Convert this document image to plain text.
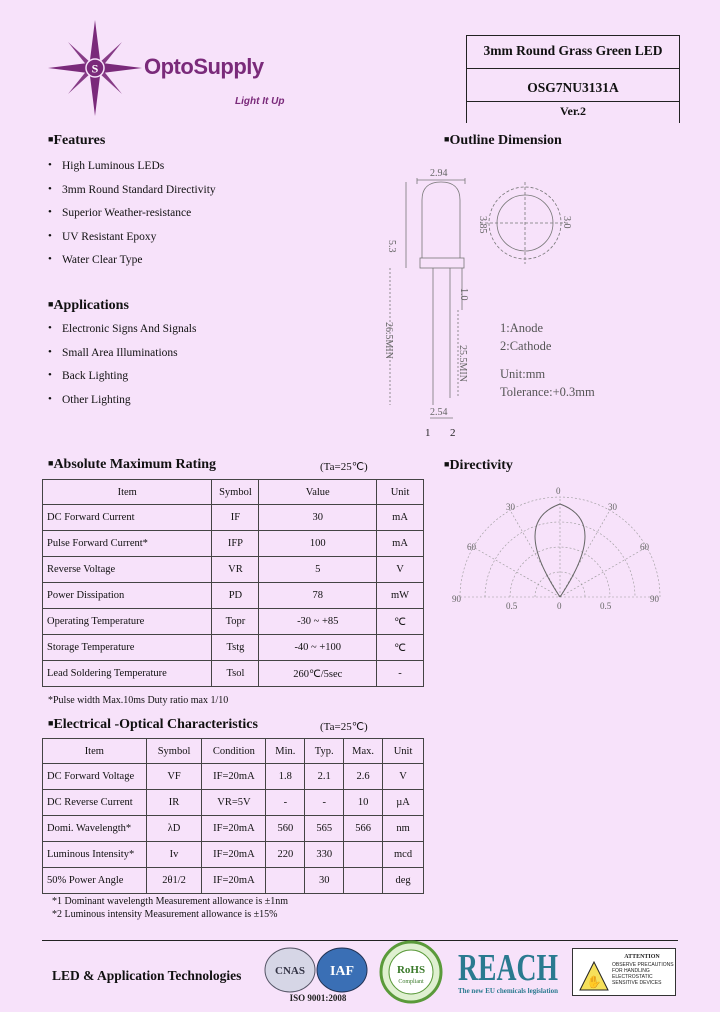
S OptoSupply
Light It Up
3mm Round Grass Green LED
OSG7NU3131A
Ver.2
■Features
• High Luminous LEDs
• 3mm Round Standard Directivity
• Superior Weather-resistance
• UV Resistant Epoxy
• Water Clear Type
■Applications
• Electronic Signs And Signals
• Small Area Illuminations
• Back Lighting
• Other Lighting
■Outline Dimension
2.94
5.3
3.85	3.0
1.0
26.5MIN
25.5MIN
2.54
1 2
1:Anode
2:Cathode
Unit:mm
Tolerance:+0.3mm
■Absolute Maximum Rating	(Ta=25℃)
Item	Symbol	Value	Unit
DC Forward Current	IF	30	mA
Pulse Forward Current*	IFP	100	mA
Reverse Voltage	VR	5	V
Power Dissipation	PD	78	mW
Operating Temperature	Topr	-30 ~ +85	℃
Storage Temperature	Tstg	-40 ~ +100	℃
Lead Soldering Temperature	Tsol	260℃/5sec	-
*Pulse width Max.10ms Duty ratio max 1/10
■Directivity
0
30	30
60	60
90	90
0.5	0	0.5
■Electrical -Optical Characteristics	(Ta=25℃)
Item	Symbol	Condition	Min.	Typ.	Max.	Unit
DC Forward Voltage	VF	IF=20mA	1.8	2.1	2.6	V
DC Reverse Current	IR	VR=5V	-	-	10	µA
Domi. Wavelength*	λD	IF=20mA	560	565	566	nm
Luminous Intensity*	Iv	IF=20mA	220	330		mcd
50% Power Angle	2θ1/2	IF=20mA		30		deg
*1 Dominant wavelength Measurement allowance is ±1nm
*2 Luminous intensity Measurement allowance is ±15%
LED & Application Technologies	CNAS IAF
ISO 9001:2008
RoHS
Compliant REACH
The new EU chemicals legislation
ATTENTION
✋
OBSERVE PRECAUTIONS FOR HANDLING ELECTROSTATIC SENSITIVE DEVICES
